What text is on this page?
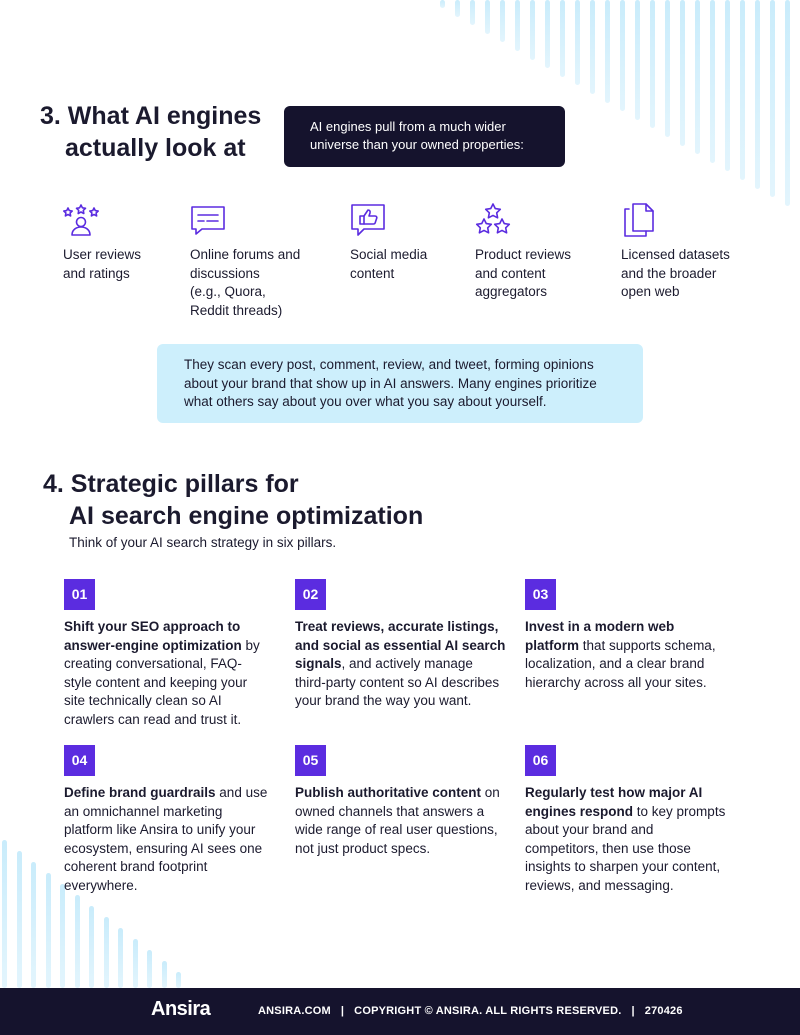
3. What AI engines
actually look at
AI engines pull from a much wider universe than your owned properties:
User reviews
and ratings
Online forums and
discussions
(e.g., Quora,
Reddit threads)
Social media
content
Product reviews
and content
aggregators
Licensed datasets
and the broader
open web
They scan every post, comment, review, and tweet, forming opinions about your brand that show up in AI answers. Many engines prioritize what others say about you over what you say about yourself.
4. Strategic pillars for
AI search engine optimization
Think of your AI search strategy in six pillars.
01
Shift your SEO approach to answer-engine optimization by creating conversational, FAQ-style content and keeping your site technically clean so AI crawlers can read and trust it.
02
Treat reviews, accurate listings, and social as essential AI search signals, and actively manage third-party content so AI describes your brand the way you want.
03
Invest in a modern web platform that supports schema, localization, and a clear brand hierarchy across all your sites.
04
Define brand guardrails and use an omnichannel marketing platform like Ansira to unify your ecosystem, ensuring AI sees one coherent brand footprint everywhere.
05
Publish authoritative content on owned channels that answers a wide range of real user questions, not just product specs.
06
Regularly test how major AI engines respond to key prompts about your brand and competitors, then use those insights to sharpen your content, reviews, and messaging.
Ansira	ANSIRA.COM | COPYRIGHT © ANSIRA. ALL RIGHTS RESERVED. | 270426
